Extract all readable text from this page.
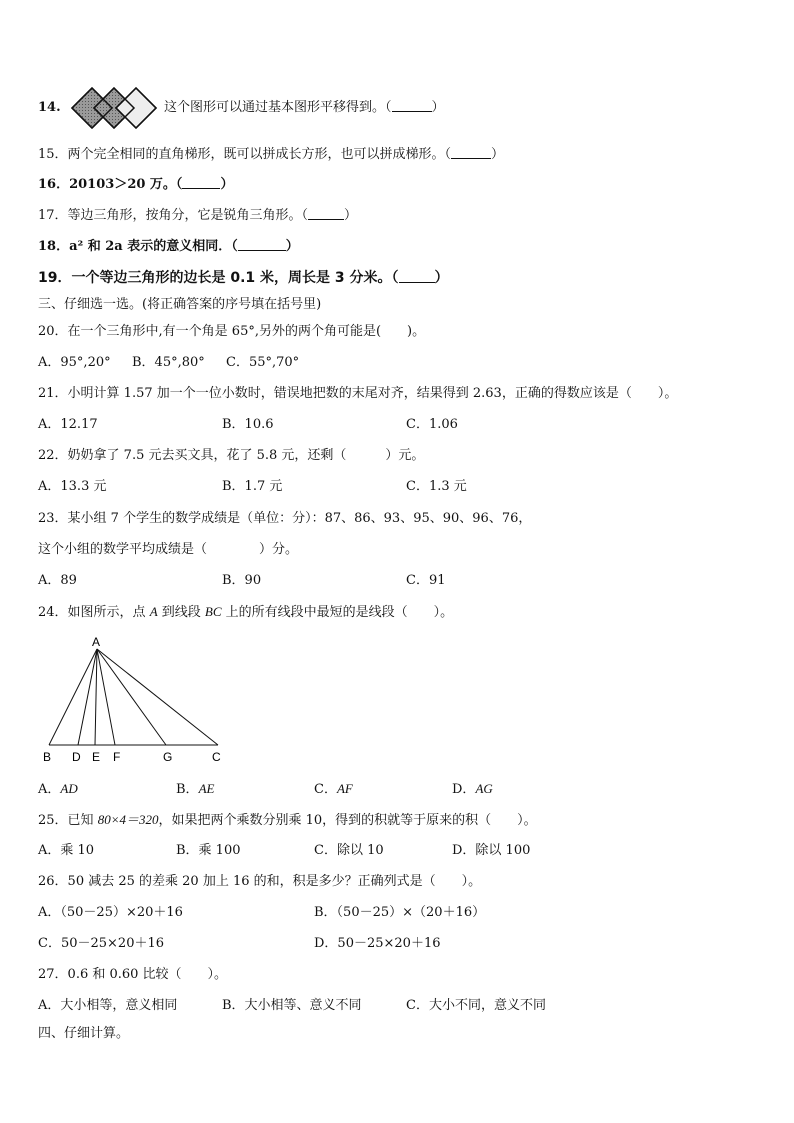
14.	这个图形可以通过基本图形平移得到。（	）
15．两个完全相同的直角梯形，既可以拼成长方形，也可以拼成梯形。（	）
16．20103＞20 万。（	）
17．等边三角形，按角分，它是锐角三角形。（	）
18．a² 和 2a 表示的意义相同．（	）
19．一个等边三角形的边长是 0.1 米，周长是 3 分米。（	）
三、仔细选一选。(将正确答案的序号填在括号里)
20．在一个三角形中,有一个角是 65°,另外的两个角可能是(　　)。
A．95°,20° B．45°,80° C．55°,70°
21．小明计算 1.57 加一个一位小数时，错误地把数的末尾对齐，结果得到 2.63，正确的得数应该是（　　）。
A．12.17	B．10.6	C．1.06
22．奶奶拿了 7.5 元去买文具，花了 5.8 元，还剩（　　　）元。
A．13.3 元	B．1.7 元	C．1.3 元
23．某小组 7 个学生的数学成绩是（单位：分）：87、86、93、95、90、96、76，
这个小组的数学平均成绩是（　　　　）分。
A．89	B．90	C．91
24．如图所示，点 A 到线段 BC 上的所有线段中最短的是线段（　　）。
A
B D E F	G	C
A．AD	B．AE	C．AF	D．AG
25．已知 80×4＝320，如果把两个乘数分别乘 10，得到的积就等于原来的积（　　）。
A．乘 10	B．乘 100	C．除以 10	D．除以 100
26．50 减去 25 的差乘 20 加上 16 的和，积是多少？正确列式是（　　）。
A．（50－25）×20＋16	B．（50－25）×（20＋16）
C．50－25×20＋16	D．50－25×20＋16
27．0.6 和 0.60 比较（　　）。
A．大小相等，意义相同	B．大小相等、意义不同	C．大小不同，意义不同
四、仔细计算。
